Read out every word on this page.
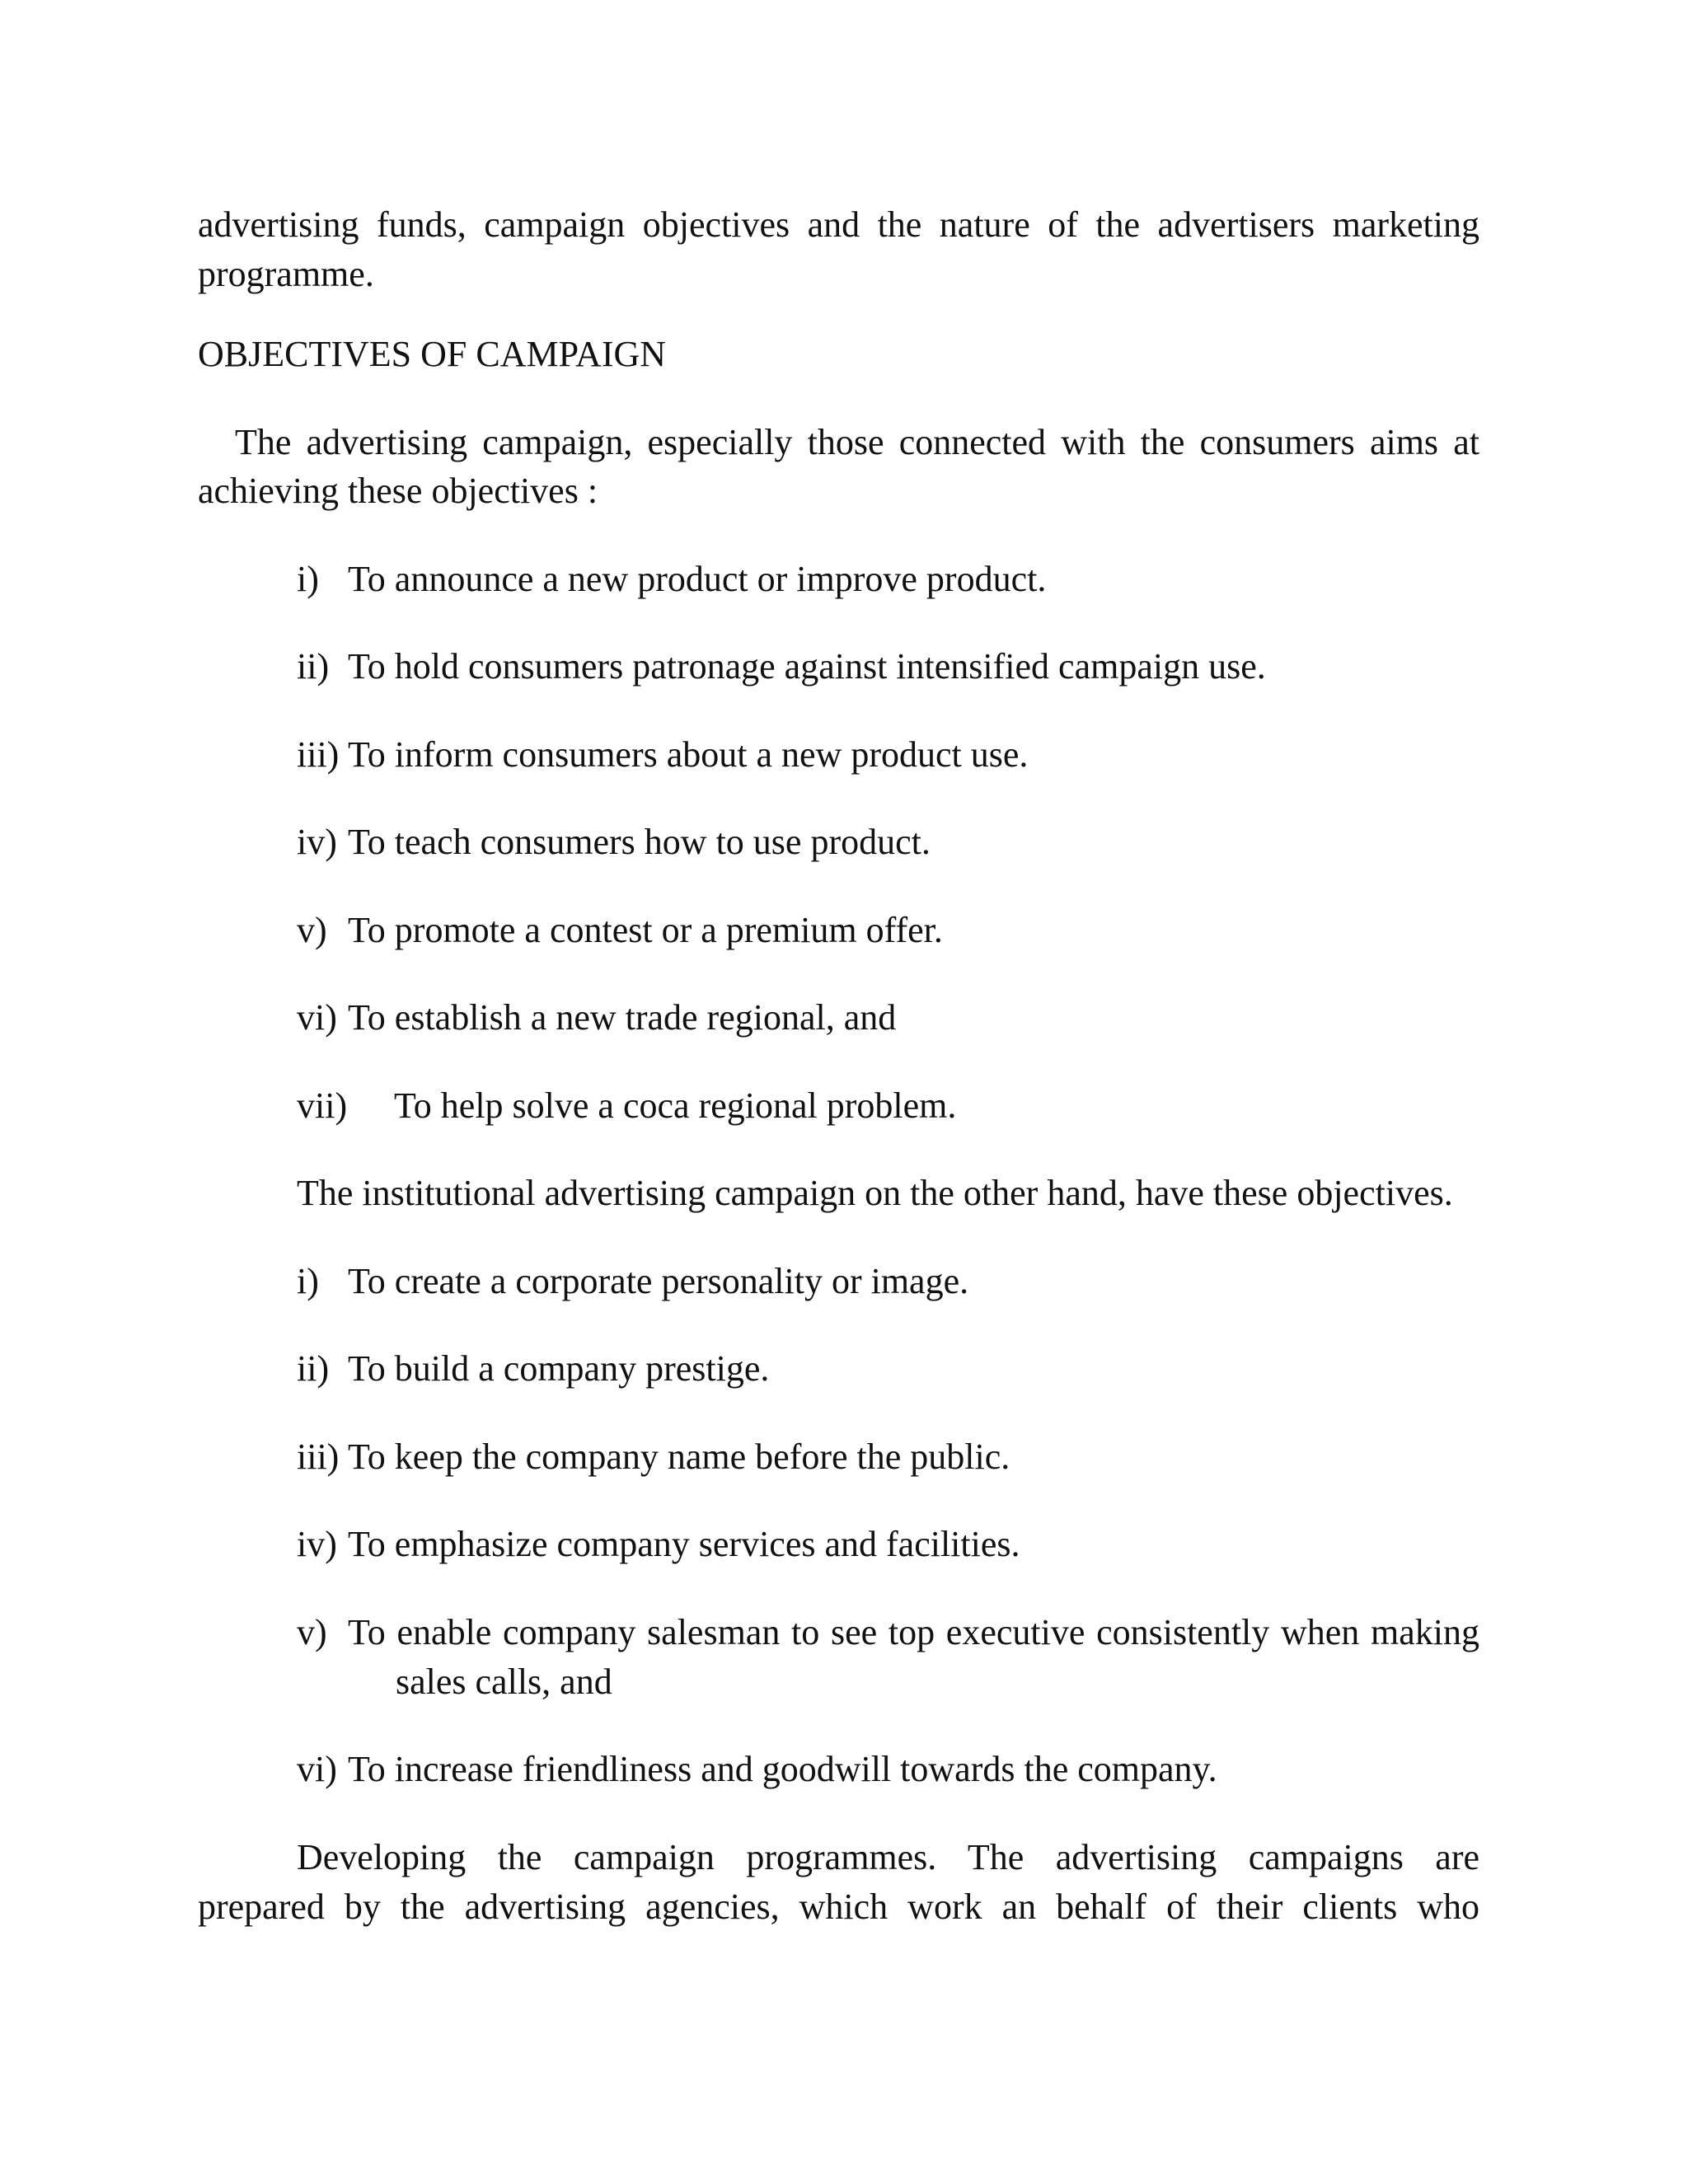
advertising funds, campaign objectives and the nature of the advertisers marketing

programme.

OBJECTIVES OF CAMPAIGN

The advertising campaign, especially those connected with the consumers aims at

achieving these objectives :

i) To announce a new product or improve product.

ii) To hold consumers patronage against intensified campaign use.

iii) To inform consumers about a new product use.

iv) To teach consumers how to use product.

v) To promote a contest or a premium offer.

vi) To establish a new trade regional, and

vii) To help solve a coca regional problem.

The institutional advertising campaign on the other hand, have these objectives.

i) To create a corporate personality or image.

ii) To build a company prestige.

iii) To keep the company name before the public.

iv) To emphasize company services and facilities.

v) To enable company salesman to see top executive consistently when making
sales calls, and

vi) To increase friendliness and goodwill towards the company.

Developing the campaign programmes. The advertising campaigns are

prepared by the advertising agencies, which work an behalf of their clients who
